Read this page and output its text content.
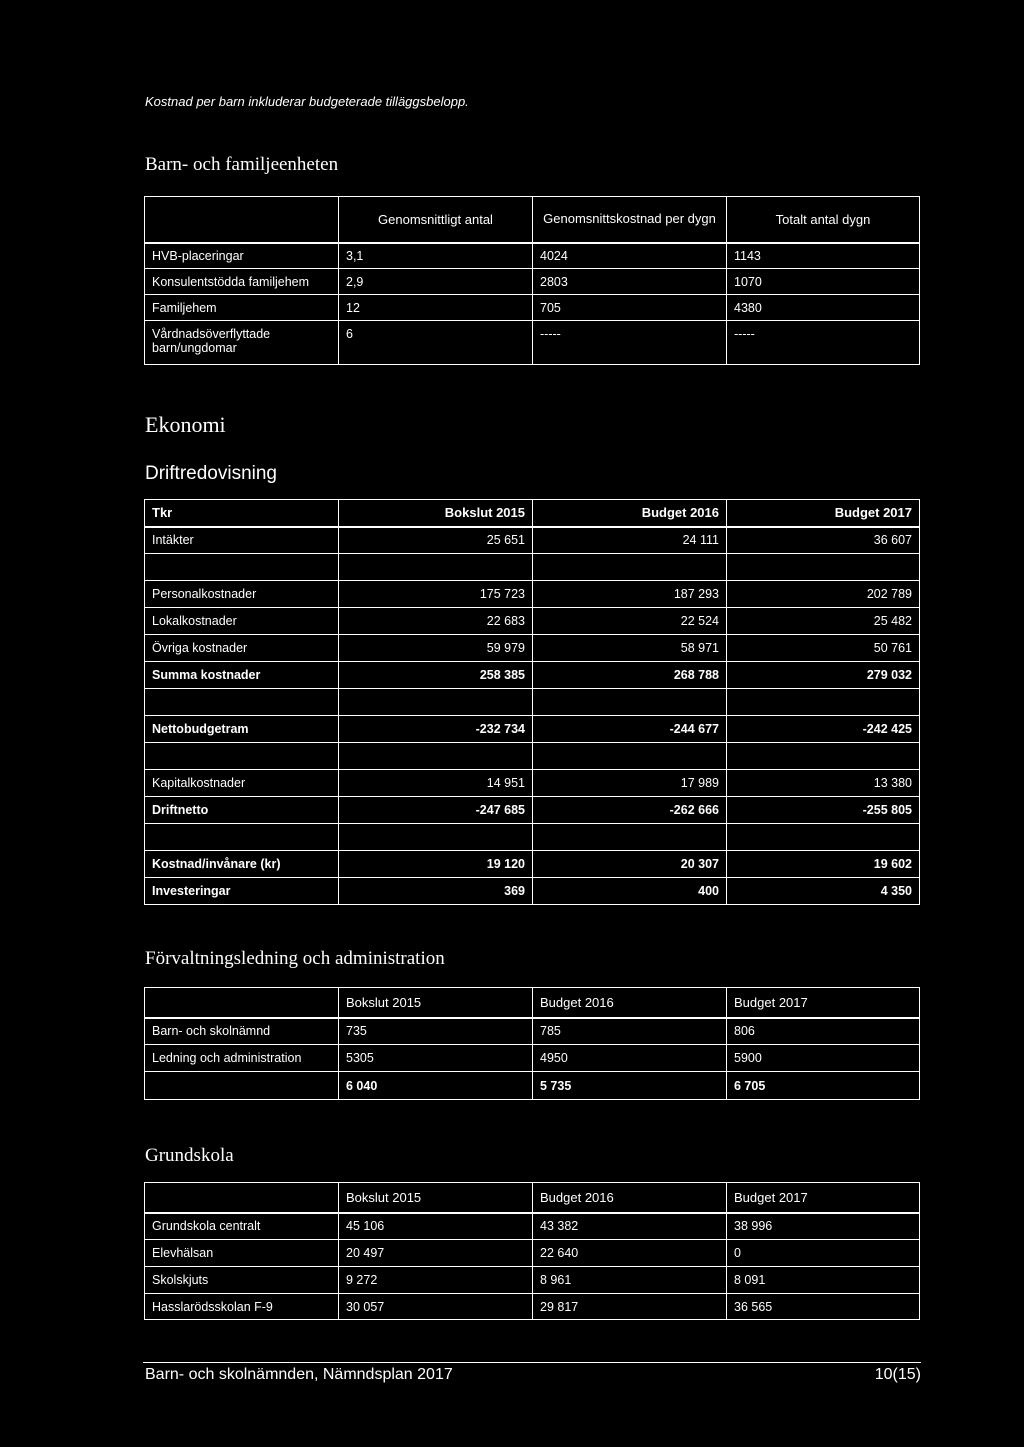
Kostnad per barn inkluderar budgeterade tilläggsbelopp.
Barn- och familjeenheten
	Genomsnittligt antal	Genomsnittskostnad per dygn	Totalt antal dygn
HVB-placeringar	3,1	4024	1143
Konsulentstödda familjehem	2,9	2803	1070
Familjehem	12	705	4380
Vårdnadsöverflyttade barn/ungdomar	6	-----	-----
Ekonomi
Driftredovisning
Tkr	Bokslut 2015	Budget 2016	Budget 2017
Intäkter	25 651	24 111	36 607

Personalkostnader	175 723	187 293	202 789
Lokalkostnader	22 683	22 524	25 482
Övriga kostnader	59 979	58 971	50 761
Summa kostnader	258 385	268 788	279 032

Nettobudgetram	-232 734	-244 677	-242 425

Kapitalkostnader	14 951	17 989	13 380
Driftnetto	-247 685	-262 666	-255 805

Kostnad/invånare (kr)	19 120	20 307	19 602
Investeringar	369	400	4 350
Förvaltningsledning och administration
	Bokslut 2015	Budget 2016	Budget 2017
Barn- och skolnämnd	735	785	806
Ledning och administration	5305	4950	5900
	6 040	5 735	6 705
Grundskola
	Bokslut 2015	Budget 2016	Budget 2017
Grundskola centralt	45 106	43 382	38 996
Elevhälsan	20 497	22 640	0
Skolskjuts	9 272	8 961	8 091
Hasslarödsskolan F-9	30 057	29 817	36 565
Barn- och skolnämnden, Nämndsplan 2017	10(15)
